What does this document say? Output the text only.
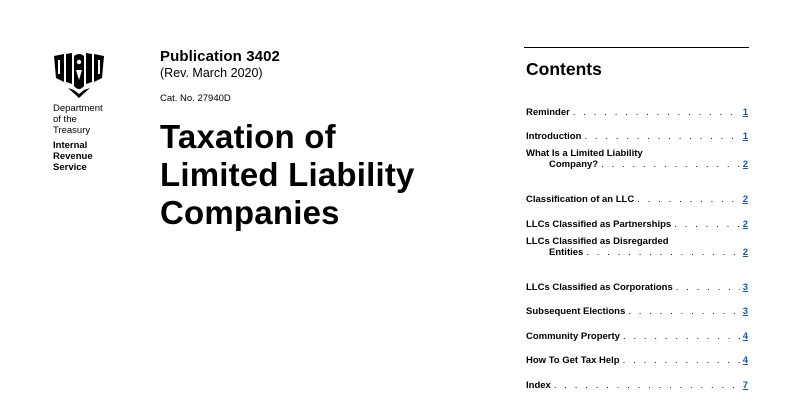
Department
of the
Treasury
Internal
Revenue
Service
Publication 3402
(Rev. March 2020)
Cat. No. 27940D
Taxation of
Limited Liability
Companies
Contents
Reminder . . .	1
Introduction . . .	1
What Is a Limited Liability
Company? . . .	2
Classification of an LLC . . .	2
LLCs Classified as Partnerships . . .	2
LLCs Classified as Disregarded
Entities . . .	2
LLCs Classified as Corporations . . .	3
Subsequent Elections . . .	3
Community Property . . .	4
How To Get Tax Help . . .	4
Index . . .	7
